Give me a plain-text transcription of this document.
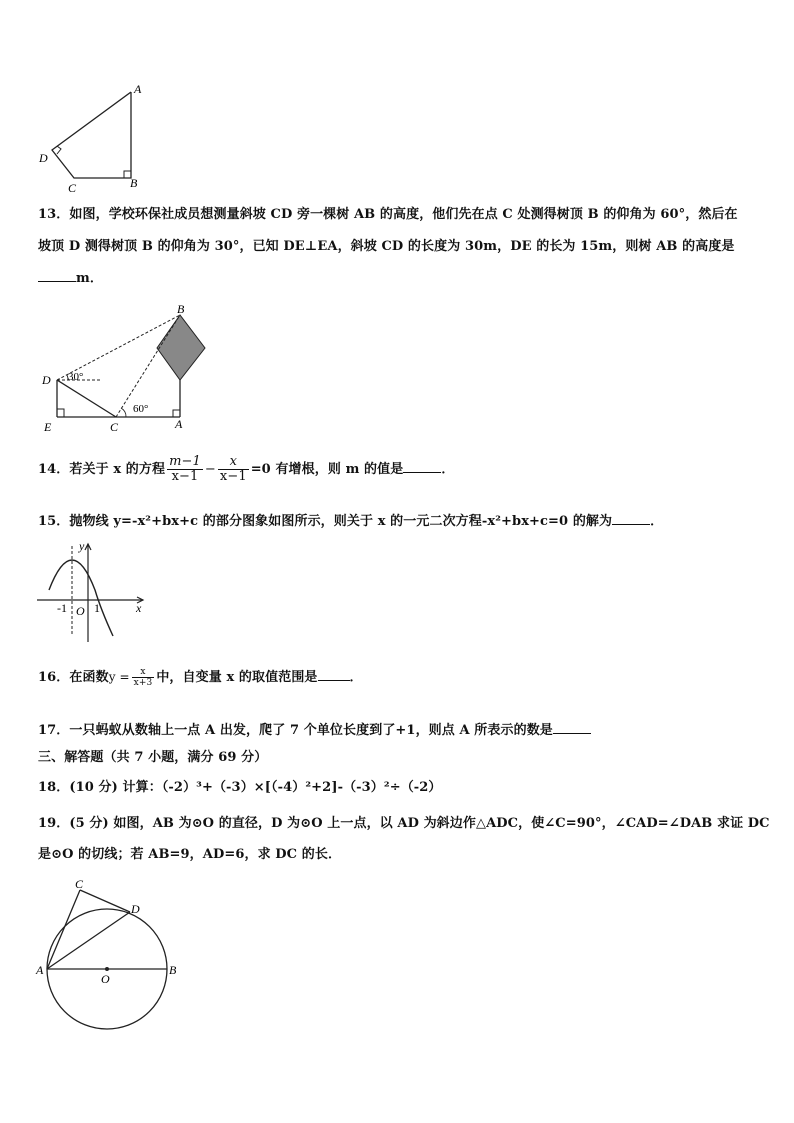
A
B
C
D
13．如图，学校环保社成员想测量斜坡 CD 旁一棵树 AB 的高度，他们先在点 C 处测得树顶 B 的仰角为 60°，然后在
坡顶 D 测得树顶 B 的仰角为 30°，已知 DE⊥EA，斜坡 CD 的长度为 30m，DE 的长为 15m，则树 AB 的高度是
m．
B
D 30°
E	C	A
60°
14．若关于 x 的方程 $\frac{m-1}{x-1} - \frac{x}{x-1} =0$ 有增根，则 m 的值是	．
15．抛物线 y=-x²+bx+c 的部分图象如图所示，则关于 x 的一元二次方程-x²+bx+c=0 的解为	．
y
x
-1 O 1
16．在函数$y = \frac{x}{x+3}$ 中，自变量 x 的取值范围是 ．
17．一只蚂蚁从数轴上一点 A 出发，爬了 7 个单位长度到了+1，则点 A 所表示的数是
三、解答题（共 7 小题，满分 69 分）
18．(10 分) 计算：（-2）³+（-3）×[（-4）²+2]-（-3）²÷（-2）
19．(5 分) 如图，AB 为⊙O 的直径，D 为⊙O 上一点，以 AD 为斜边作△ADC，使∠C=90°，∠CAD=∠DAB 求证 DC
是⊙O 的切线；若 AB=9，AD=6，求 DC 的长．
C
D
A
O
B
